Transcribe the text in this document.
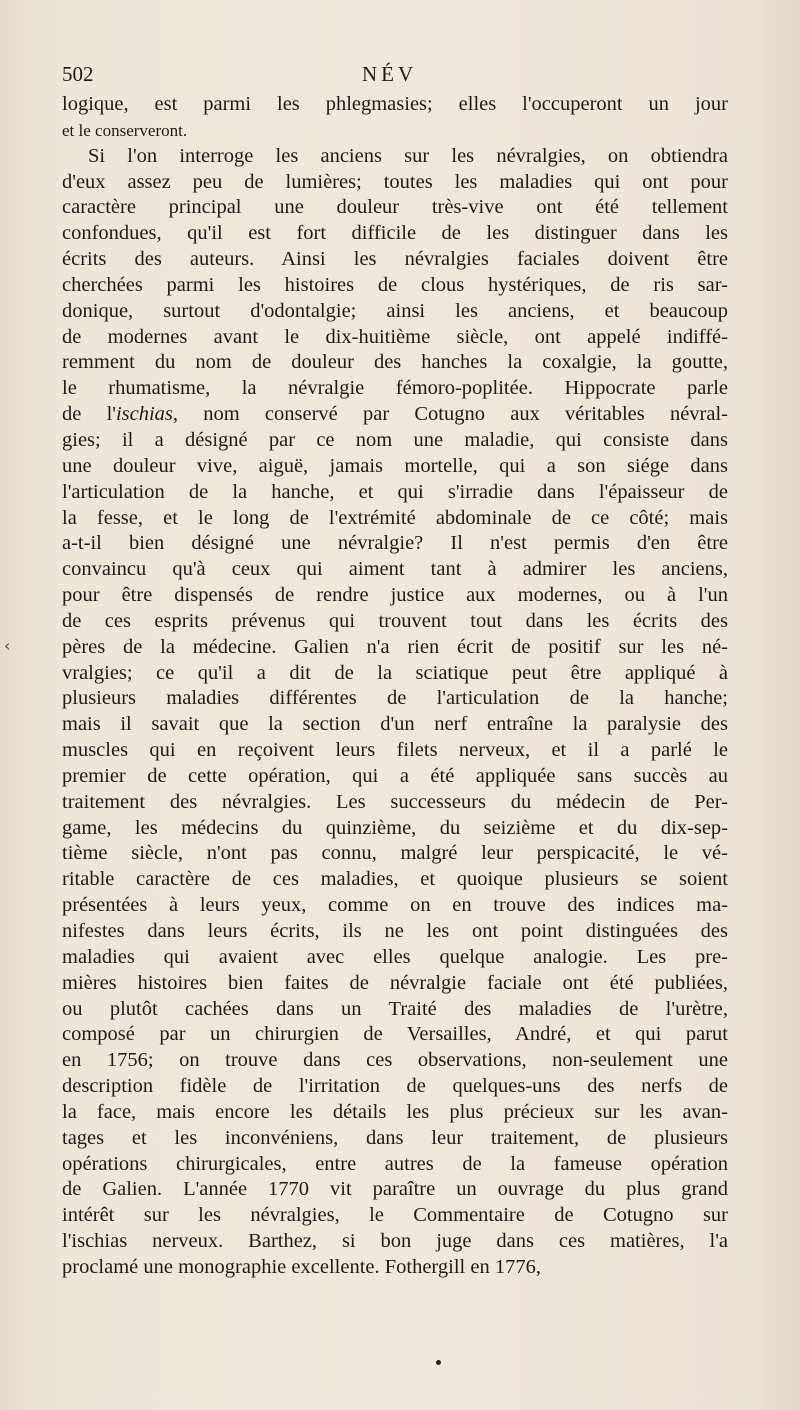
502	NÉV
logique, est parmi les phlegmasies; elles l'occuperont un jour
et le conserveront.
Si l'on interroge les anciens sur les névralgies, on obtiendra
d'eux assez peu de lumières; toutes les maladies qui ont pour
caractère principal une douleur très-vive ont été tellement
confondues, qu'il est fort difficile de les distinguer dans les
écrits des auteurs. Ainsi les névralgies faciales doivent être
cherchées parmi les histoires de clous hystériques, de ris sar-
donique, surtout d'odontalgie; ainsi les anciens, et beaucoup
de modernes avant le dix-huitième siècle, ont appelé indiffé-
remment du nom de douleur des hanches la coxalgie, la goutte,
le rhumatisme, la névralgie fémoro-poplitée. Hippocrate parle
de l'ischias, nom conservé par Cotugno aux véritables névral-
gies; il a désigné par ce nom une maladie, qui consiste dans
une douleur vive, aiguë, jamais mortelle, qui a son siége dans
l'articulation de la hanche, et qui s'irradie dans l'épaisseur de
la fesse, et le long de l'extrémité abdominale de ce côté; mais
a-t-il bien désigné une névralgie? Il n'est permis d'en être
convaincu qu'à ceux qui aiment tant à admirer les anciens,
pour être dispensés de rendre justice aux modernes, ou à l'un
de ces esprits prévenus qui trouvent tout dans les écrits des
pères de la médecine. Galien n'a rien écrit de positif sur les né-
vralgies; ce qu'il a dit de la sciatique peut être appliqué à
plusieurs maladies différentes de l'articulation de la hanche;
mais il savait que la section d'un nerf entraîne la paralysie des
muscles qui en reçoivent leurs filets nerveux, et il a parlé le
premier de cette opération, qui a été appliquée sans succès au
traitement des névralgies. Les successeurs du médecin de Per-
game, les médecins du quinzième, du seizième et du dix-sep-
tième siècle, n'ont pas connu, malgré leur perspicacité, le vé-
ritable caractère de ces maladies, et quoique plusieurs se soient
présentées à leurs yeux, comme on en trouve des indices ma-
nifestes dans leurs écrits, ils ne les ont point distinguées des
maladies qui avaient avec elles quelque analogie. Les pre-
mières histoires bien faites de névralgie faciale ont été publiées,
ou plutôt cachées dans un Traité des maladies de l'urètre,
composé par un chirurgien de Versailles, André, et qui parut
en 1756; on trouve dans ces observations, non-seulement une
description fidèle de l'irritation de quelques-uns des nerfs de
la face, mais encore les détails les plus précieux sur les avan-
tages et les inconvéniens, dans leur traitement, de plusieurs
opérations chirurgicales, entre autres de la fameuse opération
de Galien. L'année 1770 vit paraître un ouvrage du plus grand
intérêt sur les névralgies, le Commentaire de Cotugno sur
l'ischias nerveux. Barthez, si bon juge dans ces matières, l'a
proclamé une monographie excellente. Fothergill en 1776,
‹
